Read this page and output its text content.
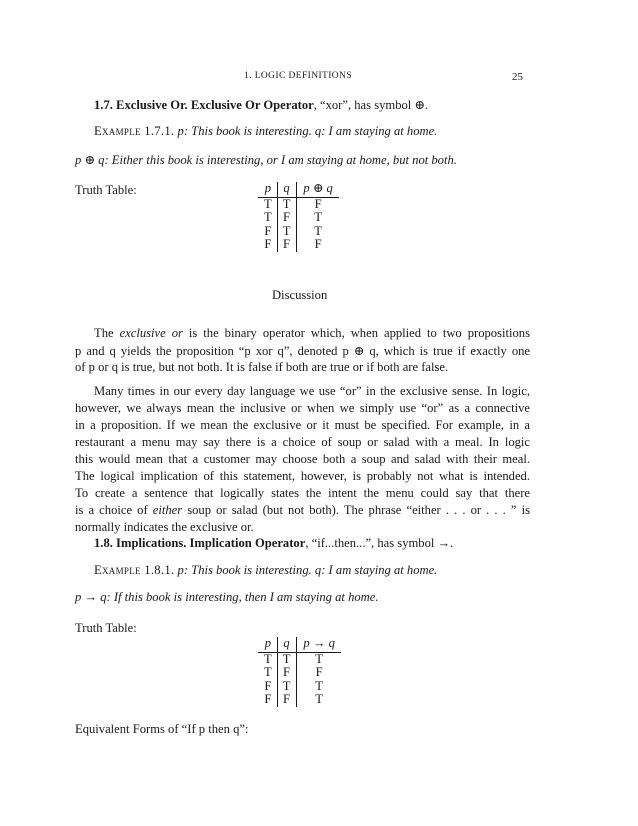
1. LOGIC DEFINITIONS	25
1.7. Exclusive Or. Exclusive Or Operator, “xor”, has symbol ⊕.
Example 1.7.1. p: This book is interesting. q: I am staying at home.
p ⊕ q: Either this book is interesting, or I am staying at home, but not both.
Truth Table:	p	q	p ⊕ q
T	T	F
T	F	T
F	T	T
F	F	F
Discussion
The exclusive or is the binary operator which, when applied to two propositions
p and q yields the proposition “p xor q”, denoted p ⊕ q, which is true if exactly one
of p or q is true, but not both. It is false if both are true or if both are false.
Many times in our every day language we use “or” in the exclusive sense. In logic,
however, we always mean the inclusive or when we simply use “or” as a connective
in a proposition. If we mean the exclusive or it must be specified. For example, in a
restaurant a menu may say there is a choice of soup or salad with a meal. In logic
this would mean that a customer may choose both a soup and salad with their meal.
The logical implication of this statement, however, is probably not what is intended.
To create a sentence that logically states the intent the menu could say that there
is a choice of either soup or salad (but not both). The phrase “either . . . or . . . ” is
normally indicates the exclusive or.
1.8. Implications. Implication Operator, “if...then...”, has symbol →.
Example 1.8.1. p: This book is interesting. q: I am staying at home.
p → q: If this book is interesting, then I am staying at home.
Truth Table:
p	q	p → q
T	T	T
T	F	F
F	T	T
F	F	T
Equivalent Forms of “If p then q”:
